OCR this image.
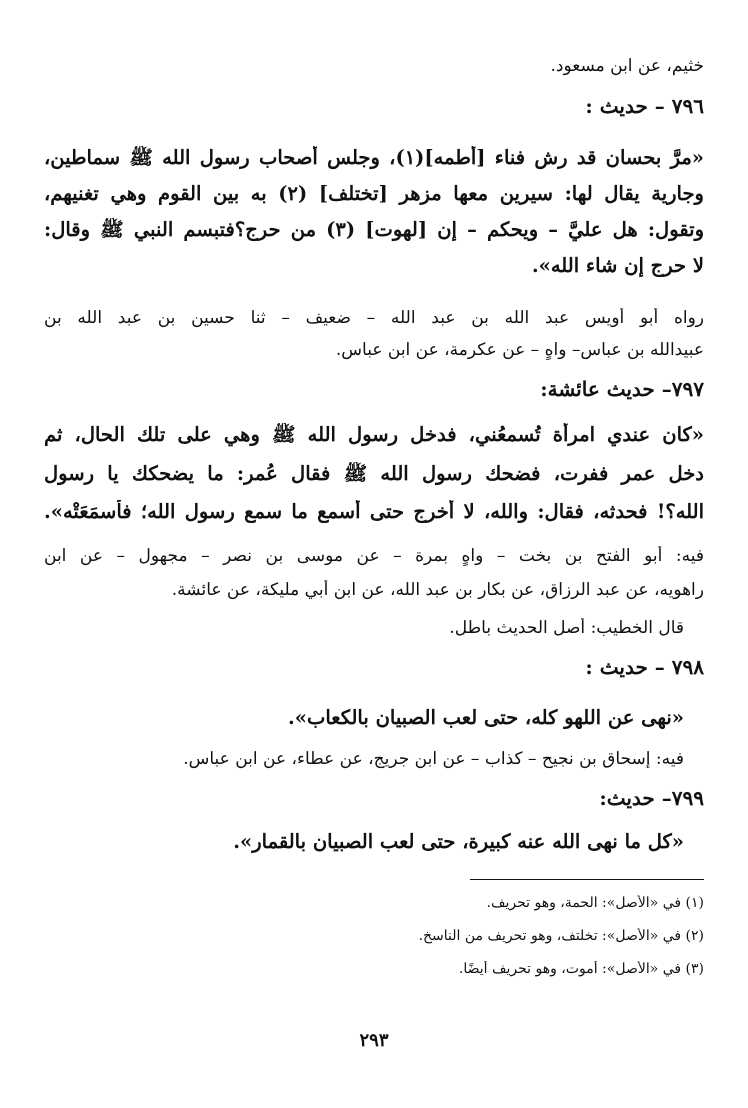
خثيم، عن ابن مسعود.

٧٩٦ – حديث :

«مرَّ بحسان قد رش فناء [أطمه](١)، وجلس أصحاب رسول الله ﷺ سماطين،

وجارية يقال لها: سيرين معها مزهر [تختلف] (٢) به بين القوم وهي تغنيهم،

وتقول: هل عليَّ – ويحكم – إن [لهوت] (٣) من حرج؟فتبسم النبي ﷺ وقال:

لا حرج إن شاء الله».

رواه أبو أويس عبد الله بن عبد الله – ضعيف – ثنا حسين بن عبد الله بن

عبيدالله بن عباس– واهٍ – عن عكرمة، عن ابن عباس.

٧٩٧– حديث عائشة:

«كان عندي امرأة تُسمعُني، فدخل رسول الله ﷺ وهي على تلك الحال، ثم

دخل عمر ففرت، فضحك رسول الله ﷺ فقال عُمر: ما يضحكك يا رسول

الله؟! فحدثه، فقال: والله، لا أخرج حتى أسمع ما سمع رسول الله؛ فأسمَعَتْه».

فيه: أبو الفتح بن بخت – واهٍ بمرة – عن موسى بن نصر – مجهول – عن ابن

راهويه، عن عبد الرزاق، عن بكار بن عبد الله، عن ابن أبي مليكة، عن عائشة.

قال الخطيب: أصل الحديث باطل.

٧٩٨ – حديث :

«نهى عن اللهو كله، حتى لعب الصبيان بالكعاب».

فيه: إسحاق بن نجيح – كذاب – عن ابن جريج، عن عطاء، عن ابن عباسٍ.

٧٩٩– حديث:

«كل ما نهى الله عنه كبيرة، حتى لعب الصبيان بالقمار».

(١) في «الأصل»: الحمة، وهو تحريف.

(٢) في «الأصل»: تخلتف، وهو تحريف من الناسخ.

(٣) في «الأصل»: أموت، وهو تحريف أيضًا.

٢٩٣
